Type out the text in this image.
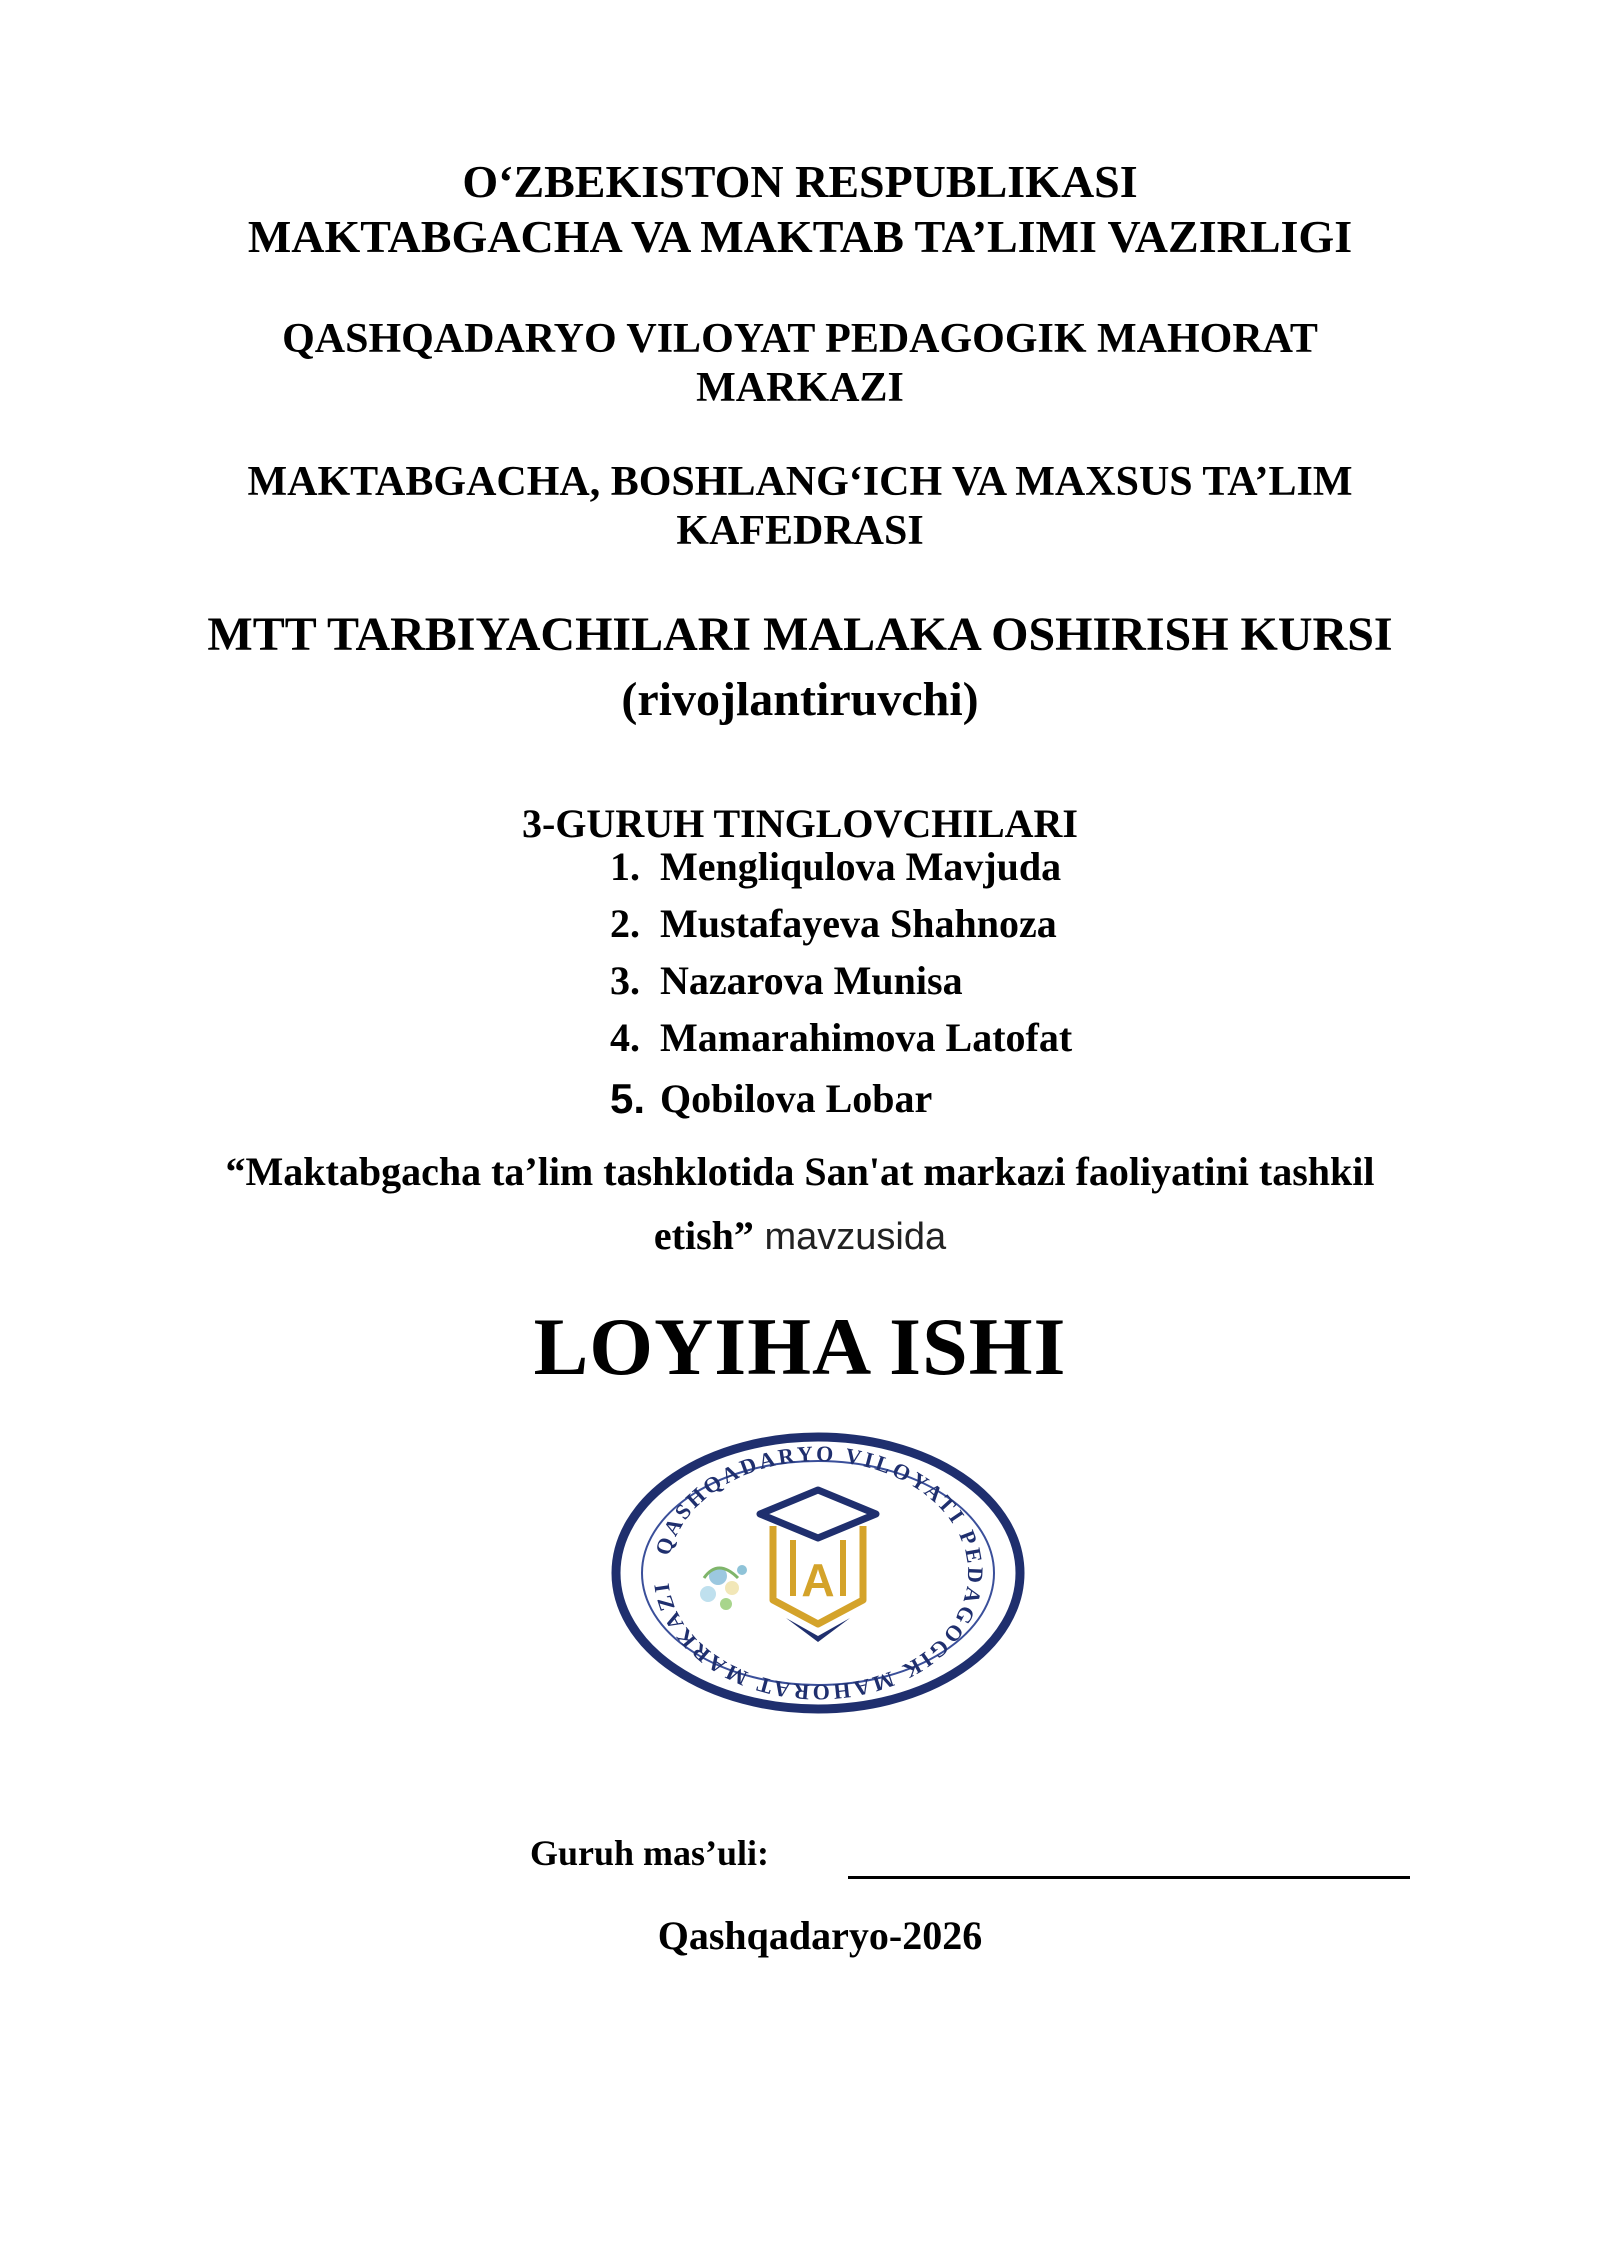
O‘ZBEKISTON RESPUBLIKASI
MAKTABGACHA VA MAKTAB TA’LIMI VAZIRLIGI
QASHQADARYO VILOYAT PEDAGOGIK MAHORAT
MARKAZI
MAKTABGACHA, BOSHLANG‘ICH VA MAXSUS TA’LIM
KAFEDRASI
MTT TARBIYACHILARI MALAKA OSHIRISH KURSI
(rivojlantiruvchi)
3-GURUH TINGLOVCHILARI
1. Mengliqulova Mavjuda
2. Mustafayeva Shahnoza
3. Nazarova Munisa
4. Mamarahimova Latofat
5. Qobilova Lobar
“Maktabgacha ta’lim tashklotida San'at markazi faoliyatini tashkil
etish” mavzusida
LOYIHA ISHI
QASHQADARYO VILOYATI PEDAGOGIK MAHORAT MARKAZI	A
Guruh mas’uli:
Qashqadaryo-2026
